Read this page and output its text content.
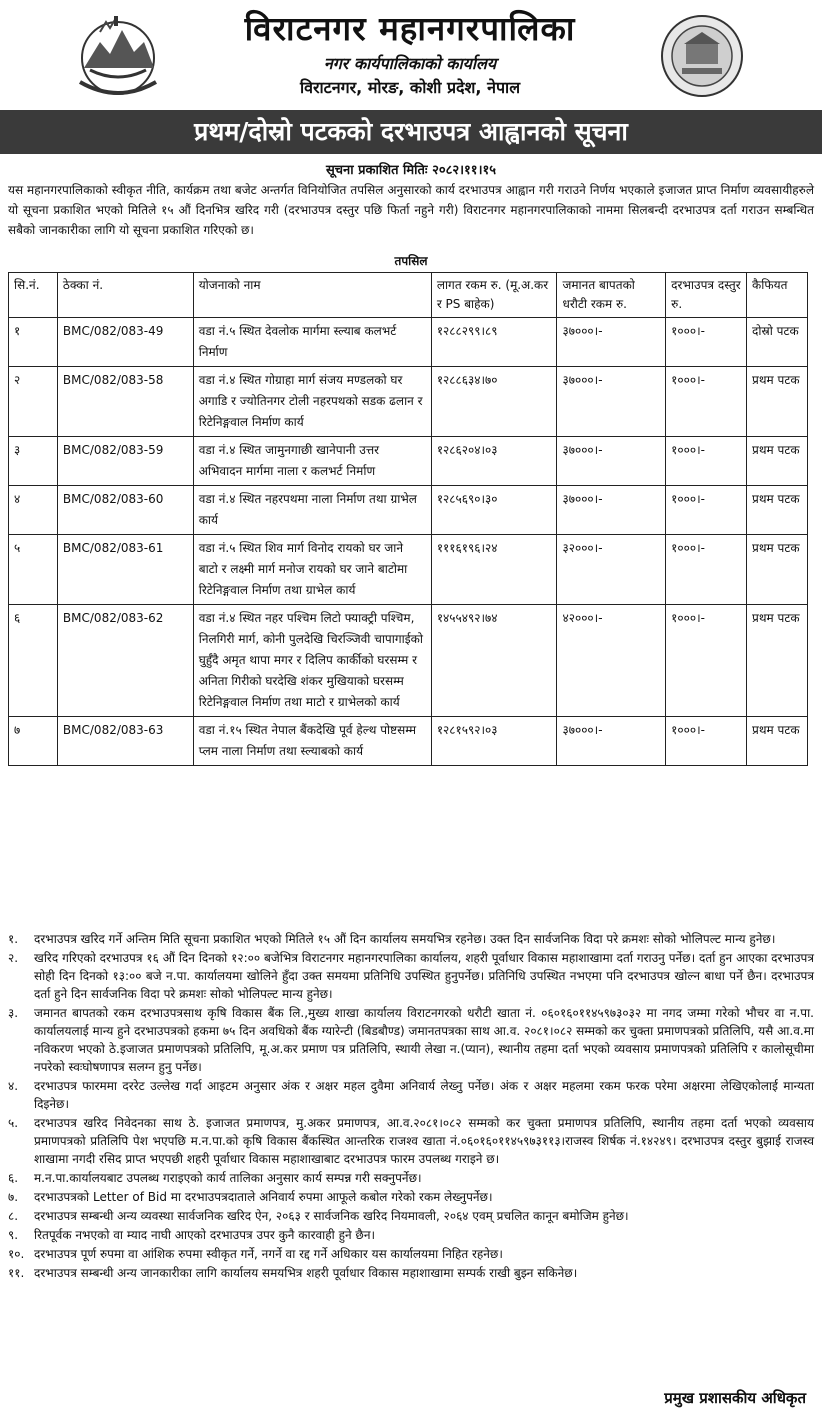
विराटनगर महानगरपालिका
नगर कार्यपालिकाको कार्यालय
विराटनगर, मोरङ, कोशी प्रदेश, नेपाल
प्रथम/दोस्रो पटकको दरभाउपत्र आह्वानको सूचना
सूचना प्रकाशित मितिः २०८२।११।१५
यस महानगरपालिकाको स्वीकृत नीति, कार्यक्रम तथा बजेट अन्तर्गत विनियोजित तपसिल अनुसारको कार्य दरभाउपत्र आह्वान गरी गराउने निर्णय भएकाले इजाजत प्राप्त निर्माण व्यवसायीहरुले यो सूचना प्रकाशित भएको मितिले १५ औं दिनभित्र खरिद गरी (दरभाउपत्र दस्तुर पछि फिर्ता नहुने गरी) विराटनगर महानगरपालिकाको नाममा सिलबन्दी दरभाउपत्र दर्ता गराउन सम्बन्धित सबैको जानकारीका लागि यो सूचना प्रकाशित गरिएको छ।
तपसिल
सि.नं.	ठेक्का नं.	योजनाको नाम	लागत रकम रु. (मू.अ.कर र PS बाहेक)	जमानत बापतको धरौटी रकम रु.	दरभाउपत्र दस्तुर रु.	कैफियत
१	BMC/082/083-49	वडा नं.५ स्थित देवलोक मार्गमा स्ल्याब कलभर्ट निर्माण	१२८८२९९।८९	३७०००।-	१०००।-	दोस्रो पटक
२	BMC/082/083-58	वडा नं.४ स्थित गोग्राहा मार्ग संजय मण्डलको घर अगाडि र ज्योतिनगर टोली नहरपथको सडक ढलान र रिटेनिङ्गवाल निर्माण कार्य	१२८८६३४।७०	३७०००।-	१०००।-	प्रथम पटक
३	BMC/082/083-59	वडा नं.४ स्थित जामुनगाछी खानेपानी उत्तर अभिवादन मार्गमा नाला र कलभर्ट निर्माण	१२८६२०४।०३	३७०००।-	१०००।-	प्रथम पटक
४	BMC/082/083-60	वडा नं.४ स्थित नहरपथमा नाला निर्माण तथा ग्राभेल कार्य	१२८५६९०।३०	३७०००।-	१०००।-	प्रथम पटक
५	BMC/082/083-61	वडा नं.५ स्थित शिव मार्ग विनोद रायको घर जाने बाटो र लक्ष्मी मार्ग मनोज रायको घर जाने बाटोमा रिटेनिङ्गवाल निर्माण तथा ग्राभेल कार्य	१११६१९६।२४	३२०००।-	१०००।-	प्रथम पटक
६	BMC/082/083-62	वडा नं.४ स्थित नहर पश्चिम लिटो फ्याक्ट्री पश्चिम, निलगिरी मार्ग, कोनी पुलदेखि चिरञ्जिवी चापागाईको घुर्हुँदै अमृत थापा मगर र दिलिप कार्कीको घरसम्म र अनिता गिरीको घरदेखि शंकर मुखियाको घरसम्म रिटेनिङ्गवाल निर्माण तथा माटो र ग्राभेलको कार्य	१४५५४९२।७४	४२०००।-	१०००।-	प्रथम पटक
७	BMC/082/083-63	वडा नं.१५ स्थित नेपाल बैंकदेखि पूर्व हेल्थ पोष्टसम्म प्लम नाला निर्माण तथा स्ल्याबको कार्य	१२८१५९२।०३	३७०००।-	१०००।-	प्रथम पटक
१.	दरभाउपत्र खरिद गर्ने अन्तिम मिति सूचना प्रकाशित भएको मितिले १५ औं दिन कार्यालय समयभित्र रहनेछ। उक्त दिन सार्वजनिक विदा परे क्रमशः सोको भोलिपल्ट मान्य हुनेछ।
२.	खरिद गरिएको दरभाउपत्र १६ औं दिन दिनको १२:०० बजेभित्र विराटनगर महानगरपालिका कार्यालय, शहरी पूर्वाधार विकास महाशाखामा दर्ता गराउनु पर्नेछ। दर्ता हुन आएका दरभाउपत्र सोही दिन दिनको १३:०० बजे न.पा. कार्यालयमा खोलिने हुँदा उक्त समयमा प्रतिनिधि उपस्थित हुनुपर्नेछ। प्रतिनिधि उपस्थित नभएमा पनि दरभाउपत्र खोल्न बाधा पर्ने छैन। दरभाउपत्र दर्ता हुने दिन सार्वजनिक विदा परे क्रमशः सोको भोलिपल्ट मान्य हुनेछ।
३.	जमानत बापतको रकम दरभाउपत्रसाथ कृषि विकास बैंक लि.,मुख्य शाखा कार्यालय विराटनगरको धरौटी खाता नं. ०६०१६०११४५९७३०३२ मा नगद जम्मा गरेको भौचर वा न.पा. कार्यालयलाई मान्य हुने दरभाउपत्रको हकमा ७५ दिन अवधिको बैंक ग्यारेन्टी (बिडबौण्ड) जमानतपत्रका साथ आ.व. २०८१।०८२ सम्मको कर चुक्ता प्रमाणपत्रको प्रतिलिपि, यसै आ.व.मा नविकरण भएको ठे.इजाजत प्रमाणपत्रको प्रतिलिपि, मू.अ.कर प्रमाण पत्र प्रतिलिपि, स्थायी लेखा न.(प्यान), स्थानीय तहमा दर्ता भएको व्यवसाय प्रमाणपत्रको प्रतिलिपि र कालोसूचीमा नपरेको स्वःघोषणापत्र सलग्न हुनु पर्नेछ।
४.	दरभाउपत्र फारममा दररेट उल्लेख गर्दा आइटम अनुसार अंक र अक्षर महल दुवैमा अनिवार्य लेख्नु पर्नेछ। अंक र अक्षर महलमा रकम फरक परेमा अक्षरमा लेखिएकोलाई मान्यता दिइनेछ।
५.	दरभाउपत्र खरिद निवेदनका साथ ठे. इजाजत प्रमाणपत्र, मु.अकर प्रमाणपत्र, आ.व.२०८१।०८२ सम्मको कर चुक्ता प्रमाणपत्र प्रतिलिपि, स्थानीय तहमा दर्ता भएको व्यवसाय प्रमाणपत्रको प्रतिलिपि पेश भएपछि म.न.पा.को कृषि विकास बैंकस्थित आन्तरिक राजश्व खाता नं.०६०१६०११४५९७३११३।राजस्व शिर्षक नं.१४२४९। दरभाउपत्र दस्तुर बुझाई राजस्व शाखामा नगदी रसिद प्राप्त भएपछी शहरी पूर्वाधार विकास महाशाखाबाट दरभाउपत्र फारम उपलब्ध गराइने छ।
६.	म.न.पा.कार्यालयबाट उपलब्ध गराइएको कार्य तालिका अनुसार कार्य सम्पन्न गरी सक्नुपर्नेछ।
७.	दरभाउपत्रको Letter of Bid मा दरभाउपत्रदाताले अनिवार्य रुपमा आफूले कबोल गरेको रकम लेख्नुपर्नेछ।
८.	दरभाउपत्र सम्बन्धी अन्य व्यवस्था सार्वजनिक खरिद ऐन, २०६३ र सार्वजनिक खरिद नियमावली, २०६४ एवम् प्रचलित कानून बमोजिम हुनेछ।
९.	रितपूर्वक नभएको वा म्याद नाघी आएको दरभाउपत्र उपर कुनै कारवाही हुने छैन।
१०. दरभाउपत्र पूर्ण रुपमा वा आंशिक रुपमा स्वीकृत गर्ने, नगर्ने वा रद्द गर्ने अधिकार यस कार्यालयमा निहित रहनेछ।
११. दरभाउपत्र सम्बन्धी अन्य जानकारीका लागि कार्यालय समयभित्र शहरी पूर्वाधार विकास महाशाखामा सम्पर्क राखी बुझ्न सकिनेछ।
प्रमुख प्रशासकीय अधिकृत
